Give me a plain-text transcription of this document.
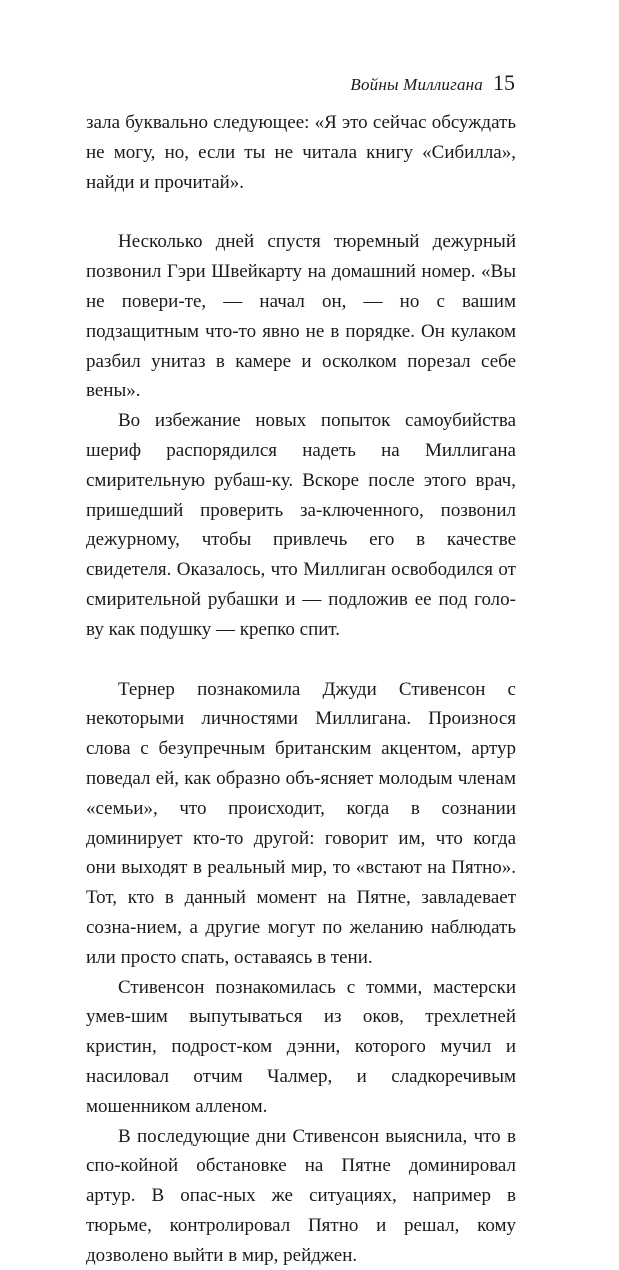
Войны Миллигана 15

зала буквально следующее: «Я это сейчас обсуждать не могу, но, если ты не читала книгу «Сибилла», найди и прочитай».

Несколько дней спустя тюремный дежурный позвонил Гэри Швейкарту на домашний номер. «Вы не повери-те, — начал он, — но с вашим подзащитным что-то явно не в порядке. Он кулаком разбил унитаз в камере и осколком порезал себе вены».

Во избежание новых попыток самоубийства шериф распорядился надеть на Миллигана смирительную рубаш-ку. Вскоре после этого врач, пришедший проверить за-ключенного, позвонил дежурному, чтобы привлечь его в качестве свидетеля. Оказалось, что Миллиган освободился от смирительной рубашки и — подложив ее под голо-ву как подушку — крепко спит.

Тернер познакомила Джуди Стивенсон с некоторыми личностями Миллигана. Произнося слова с безупречным британским акцентом, артур поведал ей, как образно объ-ясняет молодым членам «семьи», что происходит, когда в сознании доминирует кто-то другой: говорит им, что когда они выходят в реальный мир, то «встают на Пятно». Тот, кто в данный момент на Пятне, завладевает созна-нием, а другие могут по желанию наблюдать или просто спать, оставаясь в тени.

Стивенсон познакомилась с томми, мастерски умев-шим выпутываться из оков, трехлетней кристин, подрост-ком дэнни, которого мучил и насиловал отчим Чалмер, и сладкоречивым мошенником алленом.

В последующие дни Стивенсон выяснила, что в спо-койной обстановке на Пятне доминировал артур. В опас-ных же ситуациях, например в тюрьме, контролировал Пятно и решал, кому дозволено выйти в мир, рейджен.
